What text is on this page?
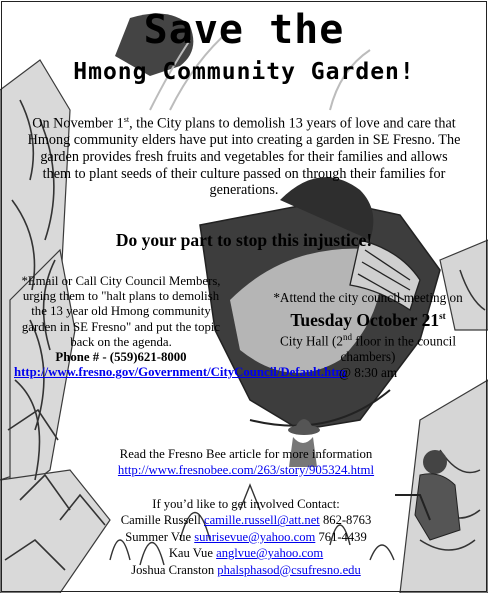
Save the
Hmong Community Garden!
On November 1st, the City plans to demolish 13 years of love and care that Hmong community elders have put into creating a garden in SE Fresno. The garden provides fresh fruits and vegetables for their families and allows them to plant seeds of their culture passed on through their families for generations.
Do your part to stop this injustice!
*Email or Call City Council Members, urging them to "halt plans to demolish the 13 year old Hmong community garden in SE Fresno" and put the topic back on the agenda.
Phone # - (559)621-8000
http://www.fresno.gov/Government/CityCouncil/Default.htm
*Attend the city council meeting on
Tuesday October 21st
City Hall (2nd floor in the council chambers)
@ 8:30 am
Read the Fresno Bee article for more information
http://www.fresnobee.com/263/story/905324.html
If you’d like to get involved Contact:
Camille Russell camille.russell@att.net 862-8763
Summer Vue sunrisevue@yahoo.com 761-4439
Kau Vue anglvue@yahoo.com
Joshua Cranston phalsphasod@csufresno.edu
